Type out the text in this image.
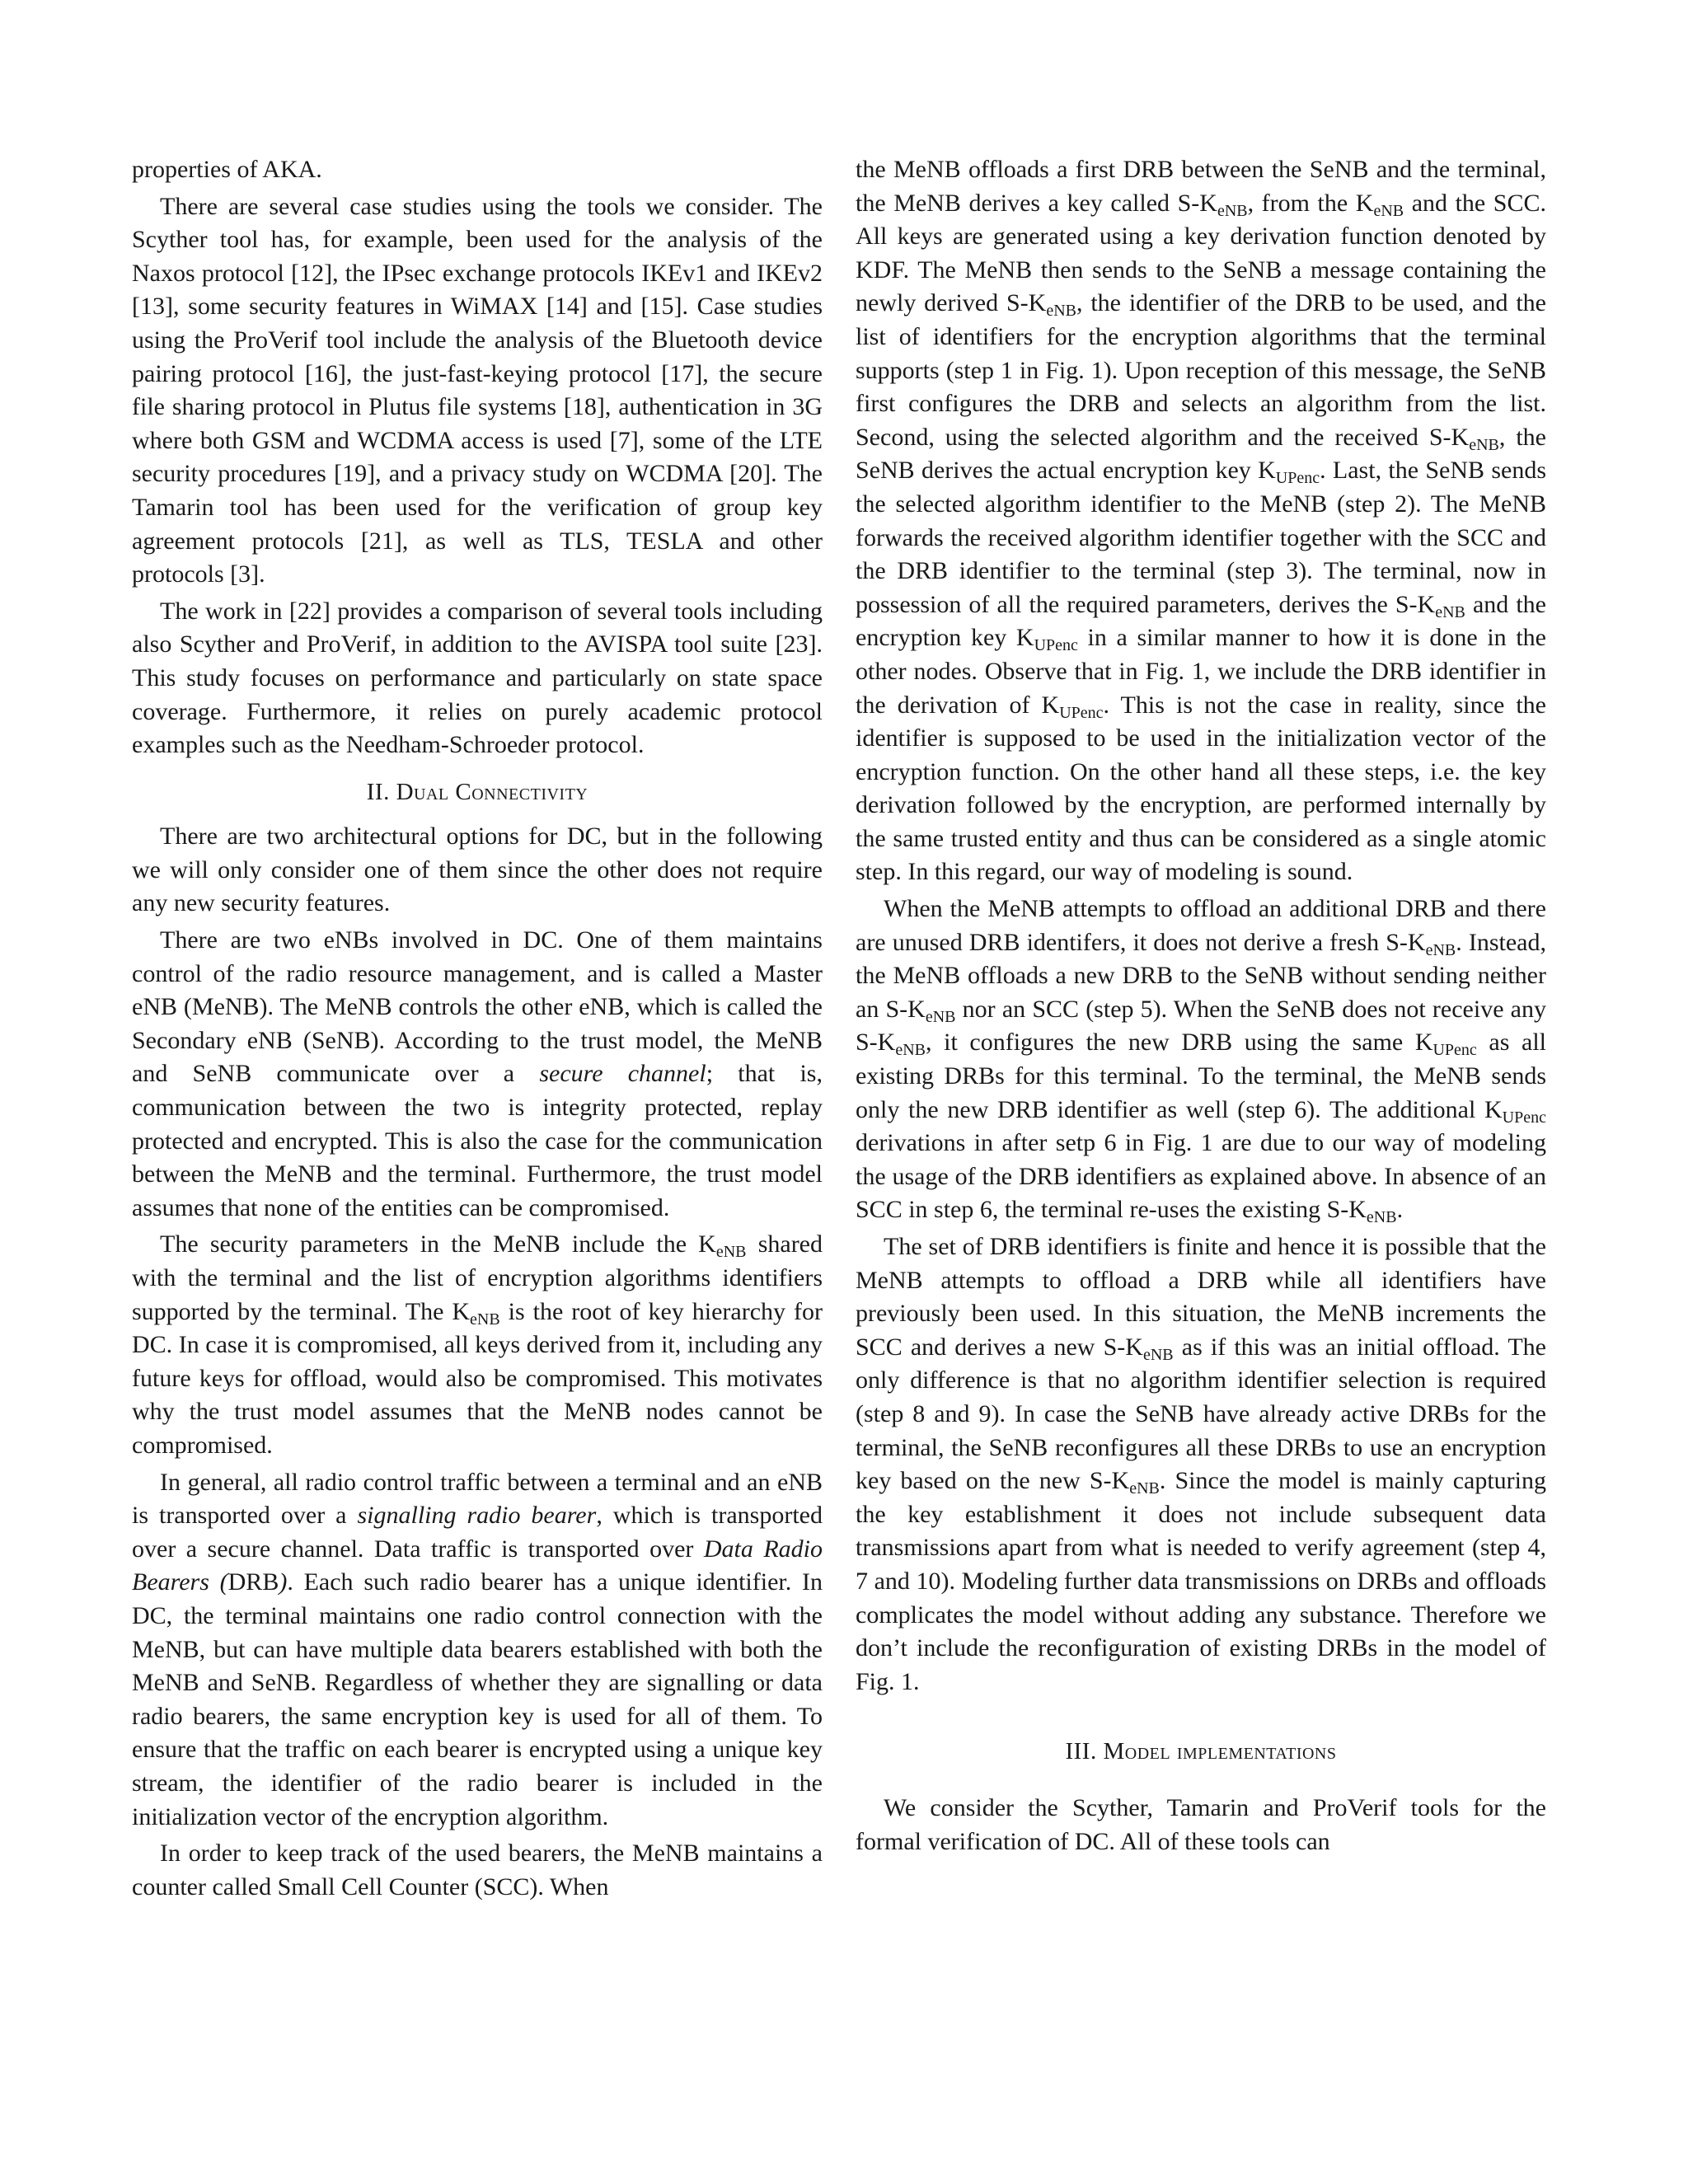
properties of AKA.

There are several case studies using the tools we consider. The Scyther tool has, for example, been used for the analysis of the Naxos protocol [12], the IPsec exchange protocols IKEv1 and IKEv2 [13], some security features in WiMAX [14] and [15]. Case studies using the ProVerif tool include the analysis of the Bluetooth device pairing protocol [16], the just-fast-keying protocol [17], the secure file sharing protocol in Plutus file systems [18], authentication in 3G where both GSM and WCDMA access is used [7], some of the LTE security procedures [19], and a privacy study on WCDMA [20]. The Tamarin tool has been used for the verification of group key agreement protocols [21], as well as TLS, TESLA and other protocols [3].

The work in [22] provides a comparison of several tools including also Scyther and ProVerif, in addition to the AVISPA tool suite [23]. This study focuses on performance and particularly on state space coverage. Furthermore, it relies on purely academic protocol examples such as the Needham-Schroeder protocol.

II. Dual Connectivity

There are two architectural options for DC, but in the following we will only consider one of them since the other does not require any new security features.

There are two eNBs involved in DC. One of them maintains control of the radio resource management, and is called a Master eNB (MeNB). The MeNB controls the other eNB, which is called the Secondary eNB (SeNB). According to the trust model, the MeNB and SeNB communicate over a secure channel; that is, communication between the two is integrity protected, replay protected and encrypted. This is also the case for the communication between the MeNB and the terminal. Furthermore, the trust model assumes that none of the entities can be compromised.

The security parameters in the MeNB include the $K_{eNB}$ shared with the terminal and the list of encryption algorithms identifiers supported by the terminal. The $K_{eNB}$ is the root of key hierarchy for DC. In case it is compromised, all keys derived from it, including any future keys for offload, would also be compromised. This motivates why the trust model assumes that the MeNB nodes cannot be compromised.

In general, all radio control traffic between a terminal and an eNB is transported over a signalling radio bearer, which is transported over a secure channel. Data traffic is transported over Data Radio Bearers (DRB). Each such radio bearer has a unique identifier. In DC, the terminal maintains one radio control connection with the MeNB, but can have multiple data bearers established with both the MeNB and SeNB. Regardless of whether they are signalling or data radio bearers, the same encryption key is used for all of them. To ensure that the traffic on each bearer is encrypted using a unique key stream, the identifier of the radio bearer is included in the initialization vector of the encryption algorithm.

In order to keep track of the used bearers, the MeNB maintains a counter called Small Cell Counter (SCC). When

the MeNB offloads a first DRB between the SeNB and the terminal, the MeNB derives a key called $S-K_{eNB}$, from the $K_{eNB}$ and the SCC. All keys are generated using a key derivation function denoted by KDF. The MeNB then sends to the SeNB a message containing the newly derived $S-K_{eNB}$, the identifier of the DRB to be used, and the list of identifiers for the encryption algorithms that the terminal supports (step 1 in Fig. 1). Upon reception of this message, the SeNB first configures the DRB and selects an algorithm from the list. Second, using the selected algorithm and the received $S-K_{eNB}$, the SeNB derives the actual encryption key $K_{UPenc}$. Last, the SeNB sends the selected algorithm identifier to the MeNB (step 2). The MeNB forwards the received algorithm identifier together with the SCC and the DRB identifier to the terminal (step 3). The terminal, now in possession of all the required parameters, derives the $S-K_{eNB}$ and the encryption key $K_{UPenc}$ in a similar manner to how it is done in the other nodes. Observe that in Fig. 1, we include the DRB identifier in the derivation of $K_{UPenc}$. This is not the case in reality, since the identifier is supposed to be used in the initialization vector of the encryption function. On the other hand all these steps, i.e. the key derivation followed by the encryption, are performed internally by the same trusted entity and thus can be considered as a single atomic step. In this regard, our way of modeling is sound.

When the MeNB attempts to offload an additional DRB and there are unused DRB identifers, it does not derive a fresh $S-K_{eNB}$. Instead, the MeNB offloads a new DRB to the SeNB without sending neither an $S-K_{eNB}$ nor an SCC (step 5). When the SeNB does not receive any $S-K_{eNB}$, it configures the new DRB using the same $K_{UPenc}$ as all existing DRBs for this terminal. To the terminal, the MeNB sends only the new DRB identifier as well (step 6). The additional $K_{UPenc}$ derivations in after setp 6 in Fig. 1 are due to our way of modeling the usage of the DRB identifiers as explained above. In absence of an SCC in step 6, the terminal re-uses the existing $S-K_{eNB}$.

The set of DRB identifiers is finite and hence it is possible that the MeNB attempts to offload a DRB while all identifiers have previously been used. In this situation, the MeNB increments the SCC and derives a new $S-K_{eNB}$ as if this was an initial offload. The only difference is that no algorithm identifier selection is required (step 8 and 9). In case the SeNB have already active DRBs for the terminal, the SeNB reconfigures all these DRBs to use an encryption key based on the new $S-K_{eNB}$. Since the model is mainly capturing the key establishment it does not include subsequent data transmissions apart from what is needed to verify agreement (step 4, 7 and 10). Modeling further data transmissions on DRBs and offloads complicates the model without adding any substance. Therefore we don’t include the reconfiguration of existing DRBs in the model of Fig. 1.

III. Model implementations

We consider the Scyther, Tamarin and ProVerif tools for the formal verification of DC. All of these tools can
